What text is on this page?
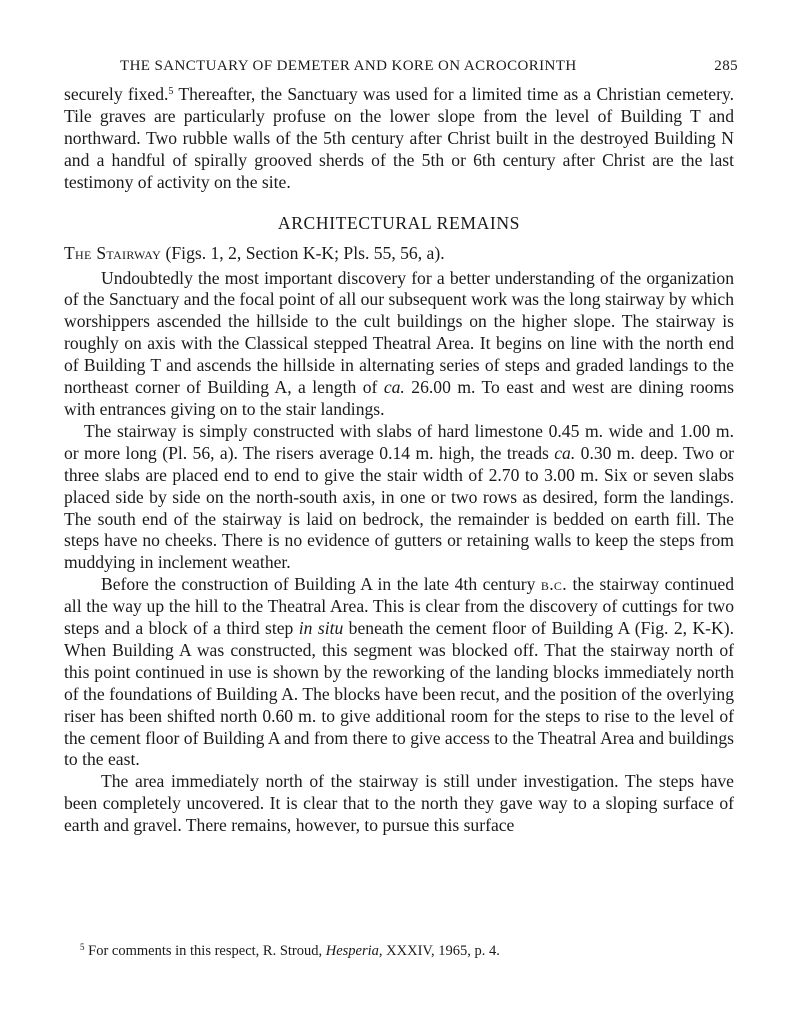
THE SANCTUARY OF DEMETER AND KORE ON ACROCORINTH	285

securely fixed.$^5$ Thereafter, the Sanctuary was used for a limited time as a Christian cemetery. Tile graves are particularly profuse on the lower slope from the level of Building T and northward. Two rubble walls of the 5th century after Christ built in the destroyed Building N and a handful of spirally grooved sherds of the 5th or 6th century after Christ are the last testimony of activity on the site.

ARCHITECTURAL REMAINS
The Stairway (Figs. 1, 2, Section K-K; Pls. 55, 56, a).

Undoubtedly the most important discovery for a better understanding of the organization of the Sanctuary and the focal point of all our subsequent work was the long stairway by which worshippers ascended the hillside to the cult buildings on the higher slope. The stairway is roughly on axis with the Classical stepped Theatral Area. It begins on line with the north end of Building T and ascends the hillside in alternating series of steps and graded landings to the northeast corner of Building A, a length of ca. 26.00 m. To east and west are dining rooms with entrances giving on to the stair landings.

The stairway is simply constructed with slabs of hard limestone 0.45 m. wide and 1.00 m. or more long (Pl. 56, a). The risers average 0.14 m. high, the treads ca. 0.30 m. deep. Two or three slabs are placed end to end to give the stair width of 2.70 to 3.00 m. Six or seven slabs placed side by side on the north-south axis, in one or two rows as desired, form the landings. The south end of the stairway is laid on bedrock, the remainder is bedded on earth fill. The steps have no cheeks. There is no evidence of gutters or retaining walls to keep the steps from muddying in inclement weather.

Before the construction of Building A in the late 4th century b.c. the stairway continued all the way up the hill to the Theatral Area. This is clear from the discovery of cuttings for two steps and a block of a third step in situ beneath the cement floor of Building A (Fig. 2, K-K). When Building A was constructed, this segment was blocked off. That the stairway north of this point continued in use is shown by the reworking of the landing blocks immediately north of the foundations of Building A. The blocks have been recut, and the position of the overlying riser has been shifted north 0.60 m. to give additional room for the steps to rise to the level of the cement floor of Building A and from there to give access to the Theatral Area and buildings to the east.

The area immediately north of the stairway is still under investigation. The steps have been completely uncovered. It is clear that to the north they gave way to a sloping surface of earth and gravel. There remains, however, to pursue this surface

$^5$ For comments in this respect, R. Stroud, Hesperia, XXXIV, 1965, p. 4.
